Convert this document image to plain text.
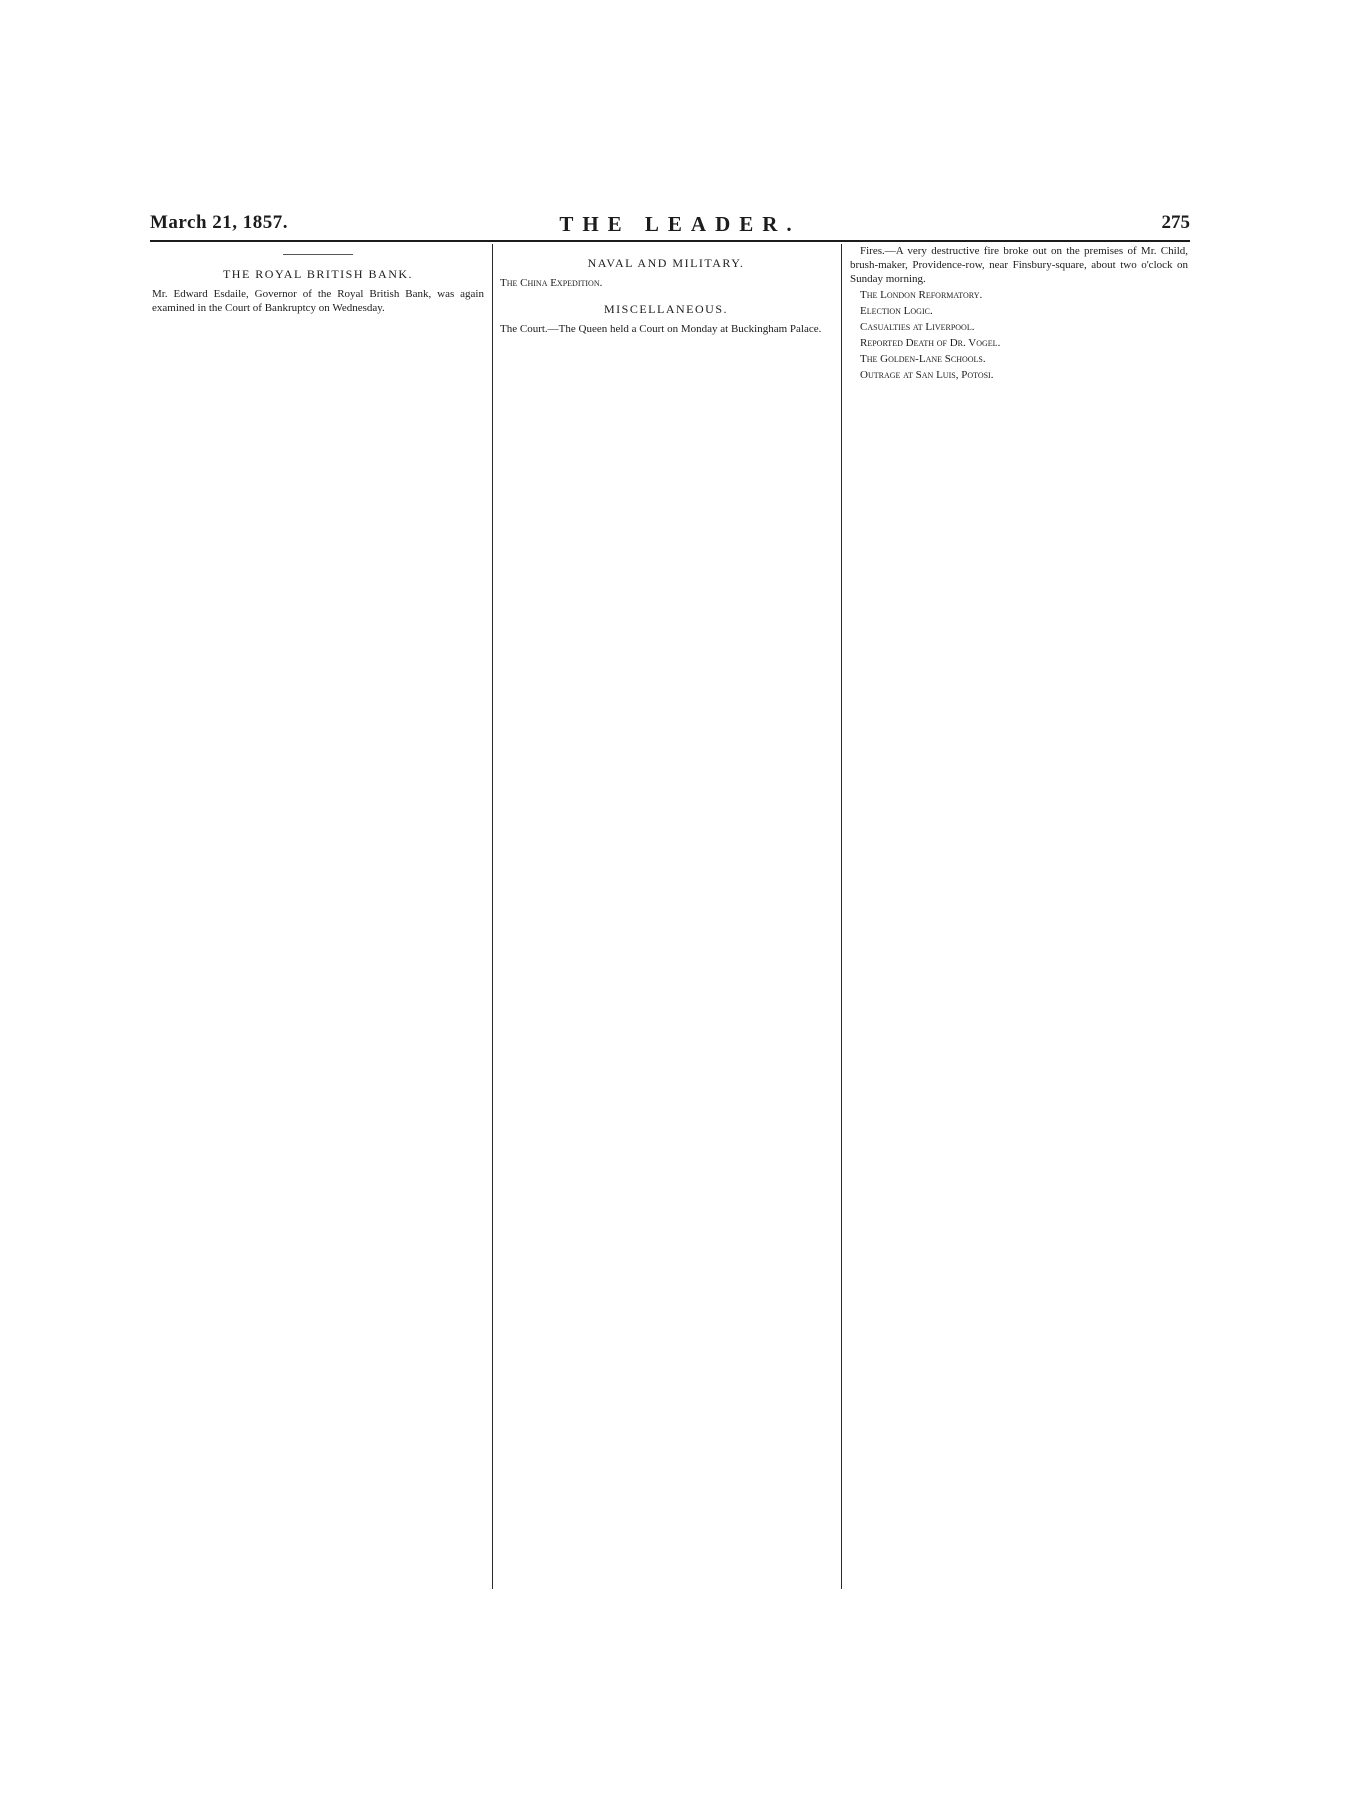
March 21, 1857.	THE LEADER.	275
THE ROYAL BRITISH BANK.

Mr. Edward Esdaile, Governor of the Royal British Bank, was again examined in the Court of Bankruptcy on Wednesday.

NAVAL AND MILITARY.

The China Expedition.

MISCELLANEOUS.

The Court.—The Queen held a Court on Monday at Buckingham Palace.

Fires.—A very destructive fire broke out on the premises of Mr. Child, brush-maker, Providence-row, near Finsbury-square, about two o'clock on Sunday morning.

The London Reformatory.

Election Logic.

Casualties at Liverpool.

Reported Death of Dr. Vogel.

The Golden-Lane Schools.

Outrage at San Luis, Potosi.
